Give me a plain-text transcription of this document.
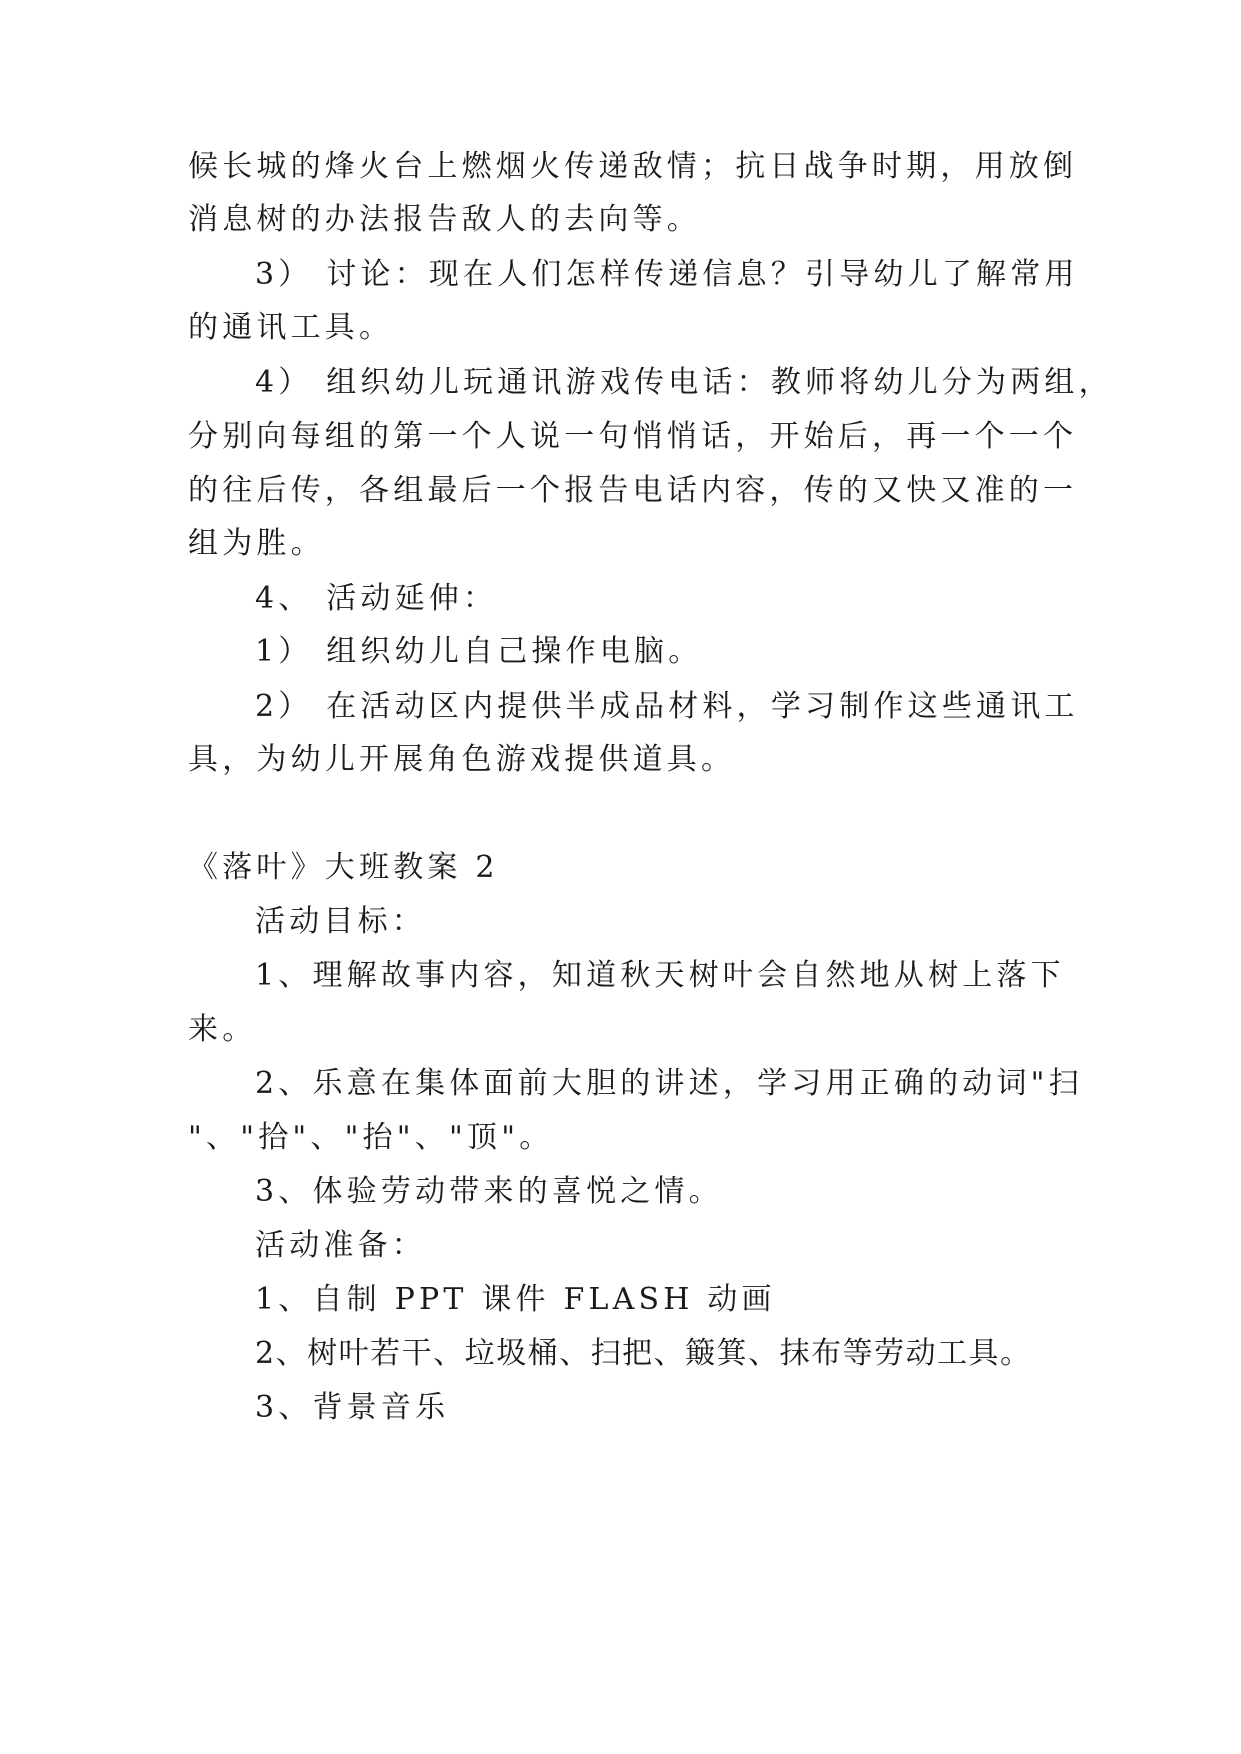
候长城的烽火台上燃烟火传递敌情；抗日战争时期，用放倒
消息树的办法报告敌人的去向等。
3） 讨论：现在人们怎样传递信息？引导幼儿了解常用
的通讯工具。
4） 组织幼儿玩通讯游戏传电话：教师将幼儿分为两组，
分别向每组的第一个人说一句悄悄话，开始后，再一个一个
的往后传，各组最后一个报告电话内容，传的又快又准的一
组为胜。
4、 活动延伸：
1） 组织幼儿自己操作电脑。
2） 在活动区内提供半成品材料，学习制作这些通讯工
具，为幼儿开展角色游戏提供道具。
《落叶》大班教案 2
活动目标：
1、理解故事内容，知道秋天树叶会自然地从树上落下
来。
2、乐意在集体面前大胆的讲述，学习用正确的动词"扫
"、"拾"、"抬"、"顶"。
3、体验劳动带来的喜悦之情。
活动准备：
1、自制 PPT 课件 FLASH 动画
2、树叶若干、垃圾桶、扫把、簸箕、抹布等劳动工具。
3、背景音乐
